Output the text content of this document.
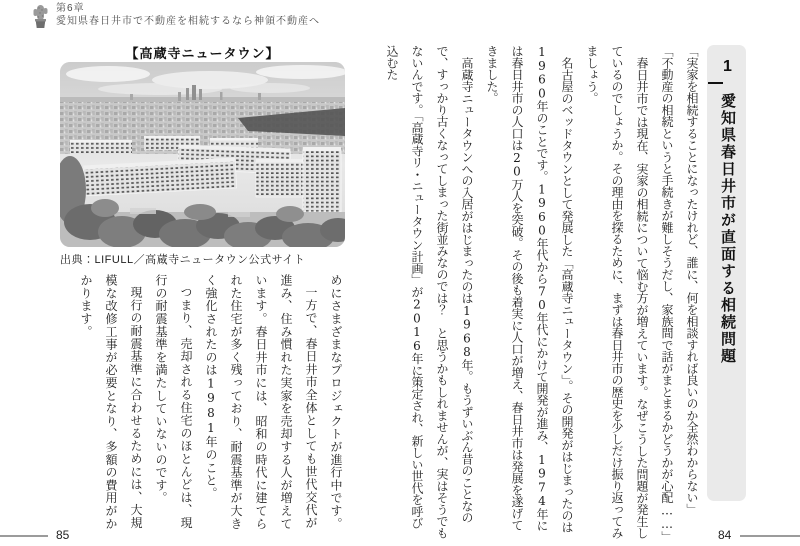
第6章
愛知県春日井市で不動産を相続するなら神領不動産へ
1愛知県春日井市が直面する相続問題

「実家を相続することになったけれど、誰に、何を相談すれば良いのか全然わからない」

「不動産の相続というと手続きが難しそうだし、家族間で話がまとまるかどうかが心配……」

春日井市では現在、実家の相続について悩む方が増えています。なぜこうした問題が発生しているのでしょうか。その理由を探るために、まずは春日井市の歴史を少しだけ振り返ってみましょう。

名古屋のベッドタウンとして発展した「高蔵寺ニュータウン」。その開発がはじまったのは1960年のことです。1960年代から70年代にかけて開発が進み、1974年には春日井市の人口は20万人を突破。その後も着実に人口が増え、春日井市は発展を遂げてきました。

高蔵寺ニュータウンへの入居がはじまったのは1968年。もうずいぶん昔のことなので、すっかり古くなってしまった街並みなのでは？　と思うかもしれませんが、実はそうでもないんです。「高蔵寺リ・ニュータウン計画」が2016年に策定され、新しい世代を呼び込むた

【高蔵寺ニュータウン】
出典：LIFULL／高蔵寺ニュータウン公式サイト

めにさまざまなプロジェクトが進行中です。

一方で、春日井市全体としても世代交代が進み、住み慣れた実家を売却する人が増えています。春日井市には、昭和の時代に建てられた住宅が多く残っており、耐震基準が大きく強化されたのは1981年のこと。

つまり、売却される住宅のほとんどは、現行の耐震基準を満たしていないのです。

現行の耐震基準に合わせるためには、大規模な改修工事が必要となり、多額の費用がかかります。

85	84
